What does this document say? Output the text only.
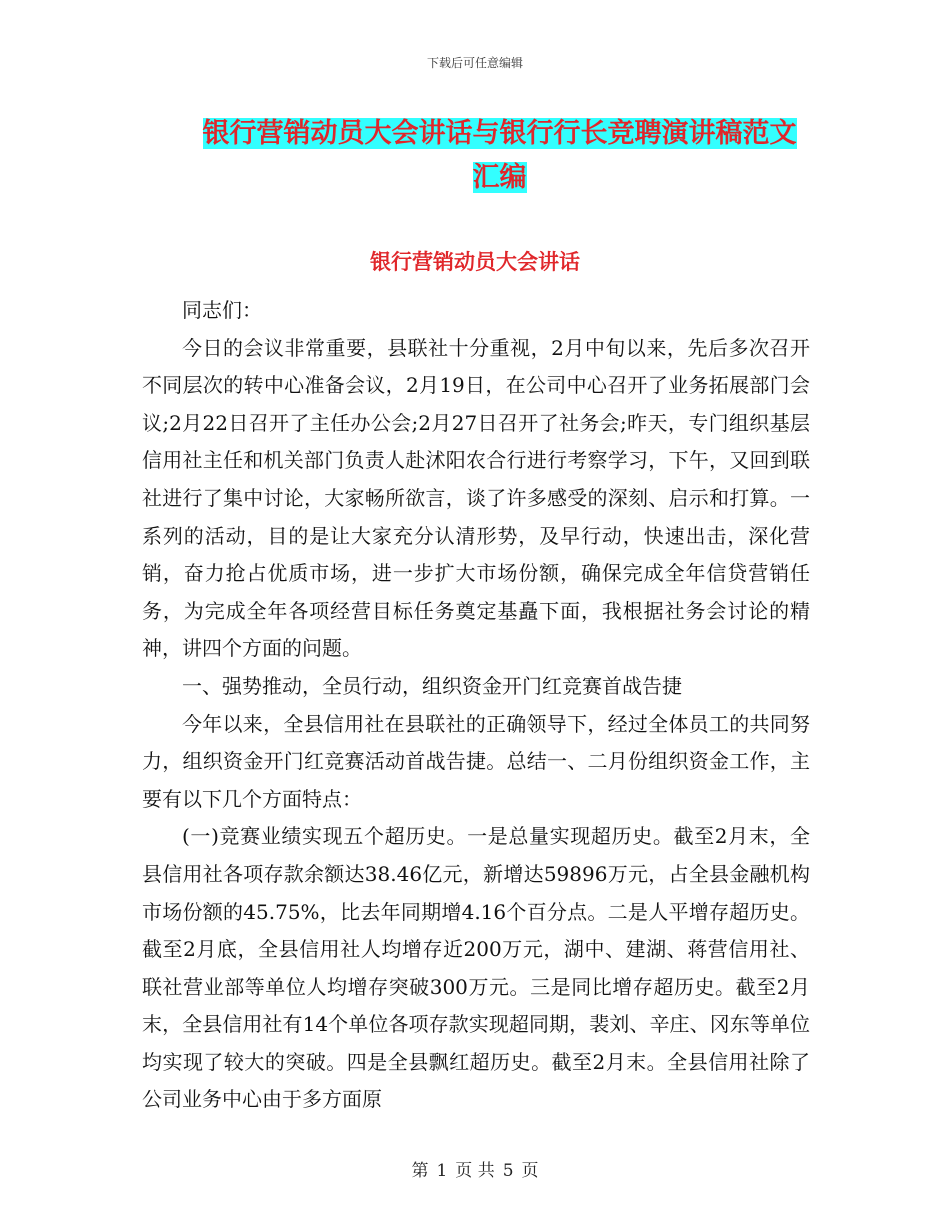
下载后可任意编辑
银行营销动员大会讲话与银行行长竞聘演讲稿范文汇编
银行营销动员大会讲话

同志们：

今日的会议非常重要，县联社十分重视，2月中旬以来，先后多次召开不同层次的转中心准备会议，2月19日，在公司中心召开了业务拓展部门会议;2月22日召开了主任办公会;2月27日召开了社务会;昨天，专门组织基层信用社主任和机关部门负责人赴沭阳农合行进行考察学习，下午，又回到联社进行了集中讨论，大家畅所欲言，谈了许多感受的深刻、启示和打算。一系列的活动，目的是让大家充分认清形势，及早行动，快速出击，深化营销，奋力抢占优质市场，进一步扩大市场份额，确保完成全年信贷营销任务，为完成全年各项经营目标任务奠定基矗下面，我根据社务会讨论的精神，讲四个方面的问题。

一、强势推动，全员行动，组织资金开门红竞赛首战告捷

今年以来，全县信用社在县联社的正确领导下，经过全体员工的共同努力，组织资金开门红竞赛活动首战告捷。总结一、二月份组织资金工作，主要有以下几个方面特点：

(一)竞赛业绩实现五个超历史。一是总量实现超历史。截至2月末，全县信用社各项存款余额达38.46亿元，新增达59896万元，占全县金融机构市场份额的45.75%，比去年同期增4.16个百分点。二是人平增存超历史。截至2月底，全县信用社人均增存近200万元，湖中、建湖、蒋营信用社、联社营业部等单位人均增存突破300万元。三是同比增存超历史。截至2月末，全县信用社有14个单位各项存款实现超同期，裴刘、辛庄、冈东等单位均实现了较大的突破。四是全县飘红超历史。截至2月末。全县信用社除了公司业务中心由于多方面原

第 1 页 共 5 页
